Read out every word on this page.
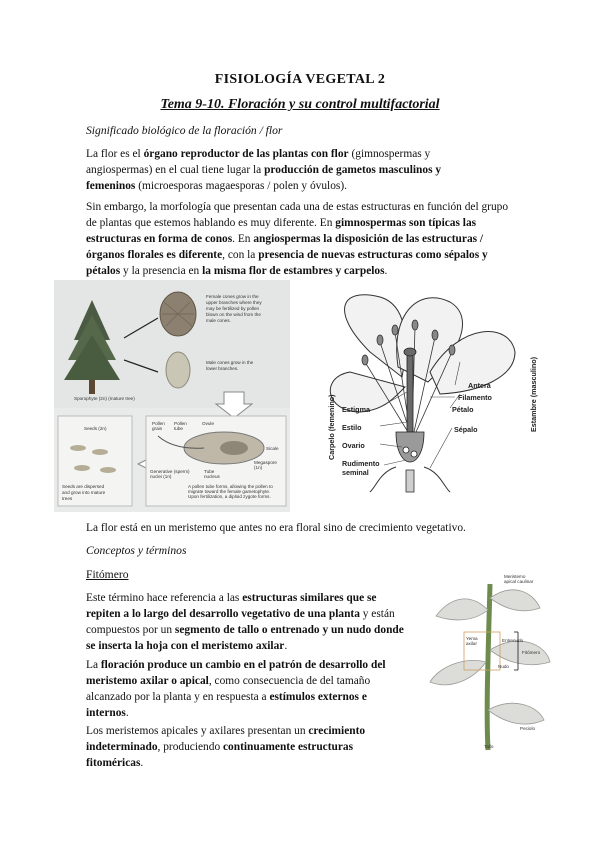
FISIOLOGÍA VEGETAL 2
Tema 9-10. Floración y su control multifactorial
Significado biológico de la floración / flor
La flor es el órgano reproductor de las plantas con flor (gimnospermas y angiospermas) en el cual tiene lugar la producción de gametos masculinos y femeninos (microesporas magaesporas / polen y óvulos).
Sin embargo, la morfología que presentan cada una de estas estructuras en función del grupo de plantas que estemos hablando es muy diferente. En gimnospermas son típicas las estructuras en forma de conos. En angiospermas la disposición de las estructuras / órganos florales es diferente, con la presencia de nuevas estructuras como sépalos y pétalos y la presencia en la misma flor de estambres y carpelos.
Sporophyte (2n) (mature tree)
Female cones grow in the upper branches where they may be fertilized by pollen blown on the wind from the male cones.
Male cones grow in the lower branches.
Seeds (2n)
Seeds are dispersed and grow into mature trees
Pollen grain
Pollen tube
Ovule
Sicale
Megaspore (1n)
Generative (sperm) nuclei (1n)
Tube nucleus
A pollen tube forms, allowing the pollen to migrate toward the female gametophyte. Upon fertilization, a diploid zygote forms.
Estigma
Estilo
Ovario
Rudimento seminal
Carpelo (femenino)
Antera
Filamento
Pétalo
Sépalo	Estambre (masculino)
La flor está en un meristemo que antes no era floral sino de crecimiento vegetativo.
Conceptos y términos
Fitómero
Este término hace referencia a las estructuras similares que se repiten a lo largo del desarrollo vegetativo de una planta y están compuestos por un segmento de tallo o entrenado y un nudo donde se inserta la hoja con el meristemo axilar.
La floración produce un cambio en el patrón de desarrollo del meristemo axilar o apical, como consecuencia de del tamaño alcanzado por la planta y en respuesta a estímulos externos e internos.
Los meristemos apicales y axilares presentan un crecimiento indeterminado, produciendo continuamente estructuras fitoméricas.
Meristemo apical caulinar
Yema axilar
Entrenudo
Nudo
Fitómero
Peciolo
Tallo
